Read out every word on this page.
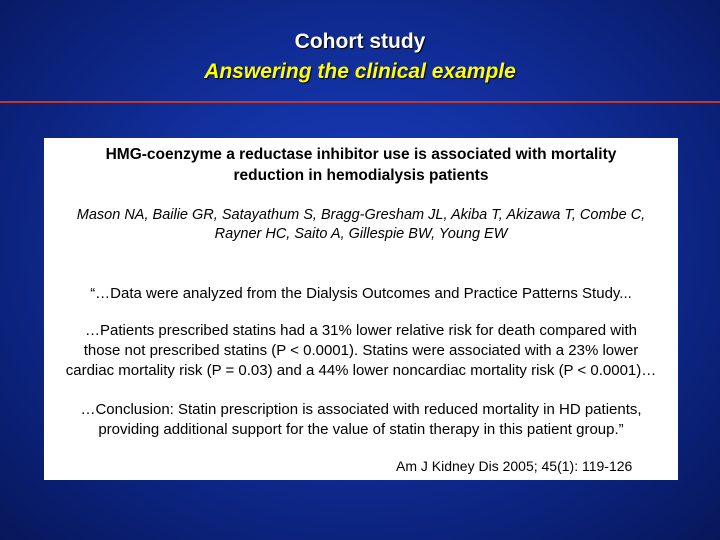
Cohort study
Answering the clinical example
HMG-coenzyme a reductase inhibitor use is associated with mortality
reduction in hemodialysis patients
Mason NA, Bailie GR, Satayathum S, Bragg-Gresham JL, Akiba T, Akizawa T, Combe C,
Rayner HC, Saito A, Gillespie BW, Young EW
“…Data were analyzed from the Dialysis Outcomes and Practice Patterns Study...
…Patients prescribed statins had a 31% lower relative risk for death compared with
those not prescribed statins (P < 0.0001). Statins were associated with a 23% lower
cardiac mortality risk (P = 0.03) and a 44% lower noncardiac mortality risk (P < 0.0001)…
…Conclusion: Statin prescription is associated with reduced mortality in HD patients,
providing additional support for the value of statin therapy in this patient group.”
Am J Kidney Dis 2005; 45(1): 119-126
